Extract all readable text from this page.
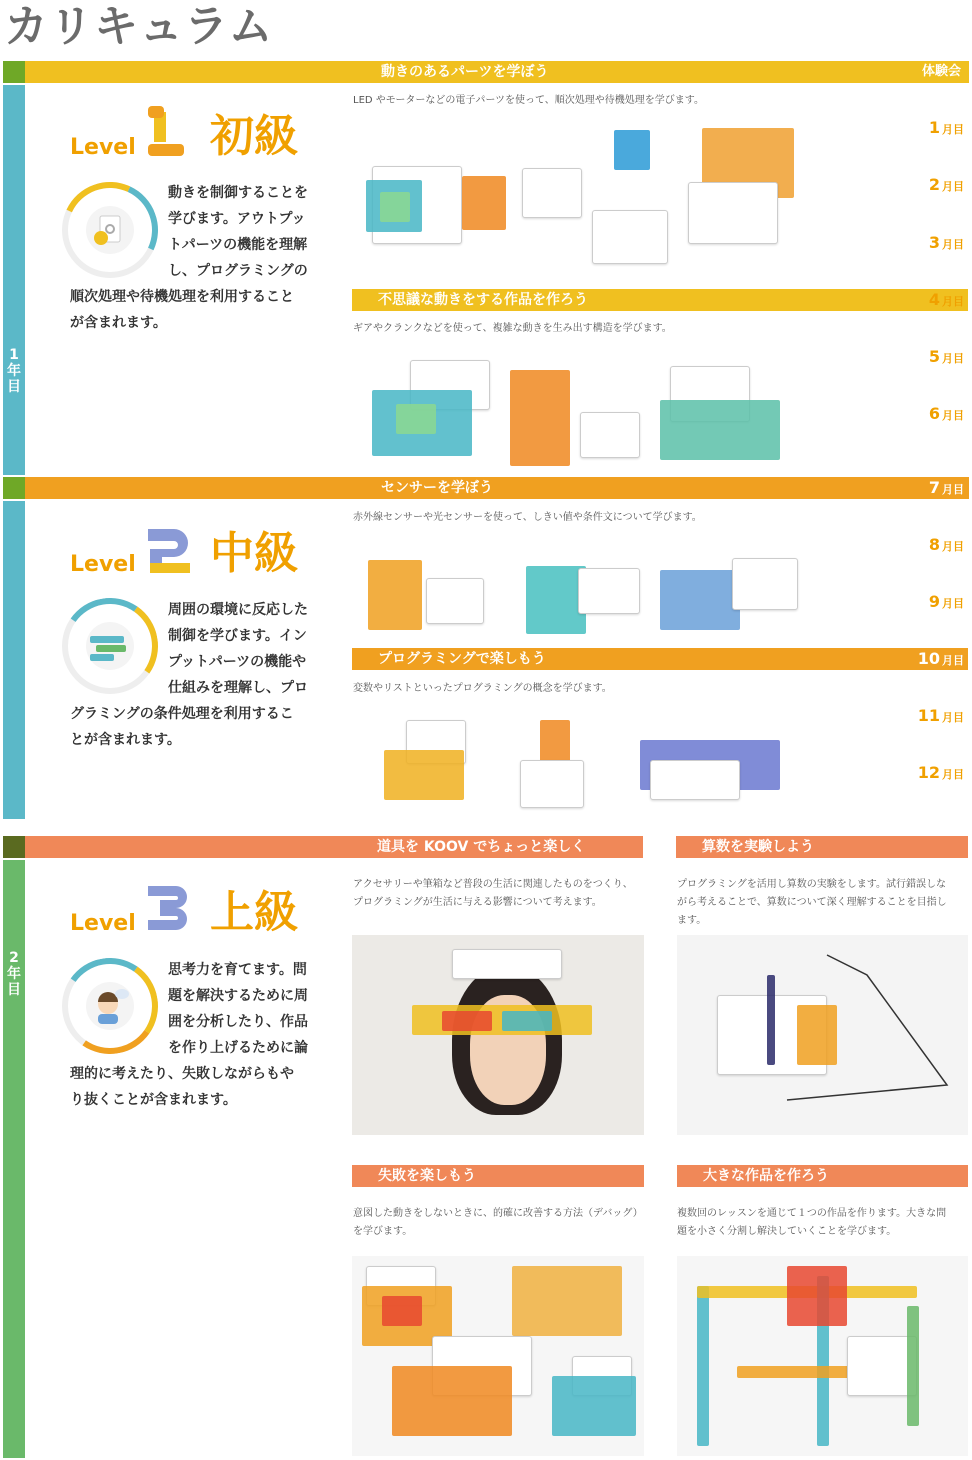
カリキュラム
動きのあるパーツを学ぼう	体験会
1
年
目
Level 初級
動きを制御することを
学びます。アウトプッ
トパーツの機能を理解
し、プログラミングの
順次処理や待機処理を利用すること
が含まれます。
LED やモーターなどの電子パーツを使って、順次処理や待機処理を学びます。
1 月目
2 月目
3 月目
不思議な動きをする作品を作ろう	4 月目
ギアやクランクなどを使って、複雑な動きを生み出す構造を学びます。
5 月目
6 月目
センサーを学ぼう	7 月目
Level 中級
周囲の環境に反応した
制御を学びます。イン
プットパーツの機能や
仕組みを理解し、プロ
グラミングの条件処理を利用するこ
とが含まれます。
赤外線センサーや光センサーを使って、しきい値や条件文について学びます。
8 月目
9 月目
プログラミングで楽しもう	10 月目
変数やリストといったプログラミングの概念を学びます。
11 月目
12 月目
道具を KOOV でちょっと楽しく	算数を実験しよう
2
年
目
Level 上級
思考力を育てます。問
題を解決するために周
囲を分析したり、作品
を作り上げるために論
理的に考えたり、失敗しながらもや
り抜くことが含まれます。
アクセサリーや筆箱など普段の生活に関連したものをつくり、
プログラミングが生活に与える影響について考えます。
プログラミングを活用し算数の実験をします。試行錯誤しな
がら考えることで、算数について深く理解することを目指し
ます。
失敗を楽しもう
意図した動きをしないときに、的確に改善する方法（デバッグ）
を学びます。
大きな作品を作ろう
複数回のレッスンを通じて１つの作品を作ります。大きな問
題を小さく分割し解決していくことを学びます。
